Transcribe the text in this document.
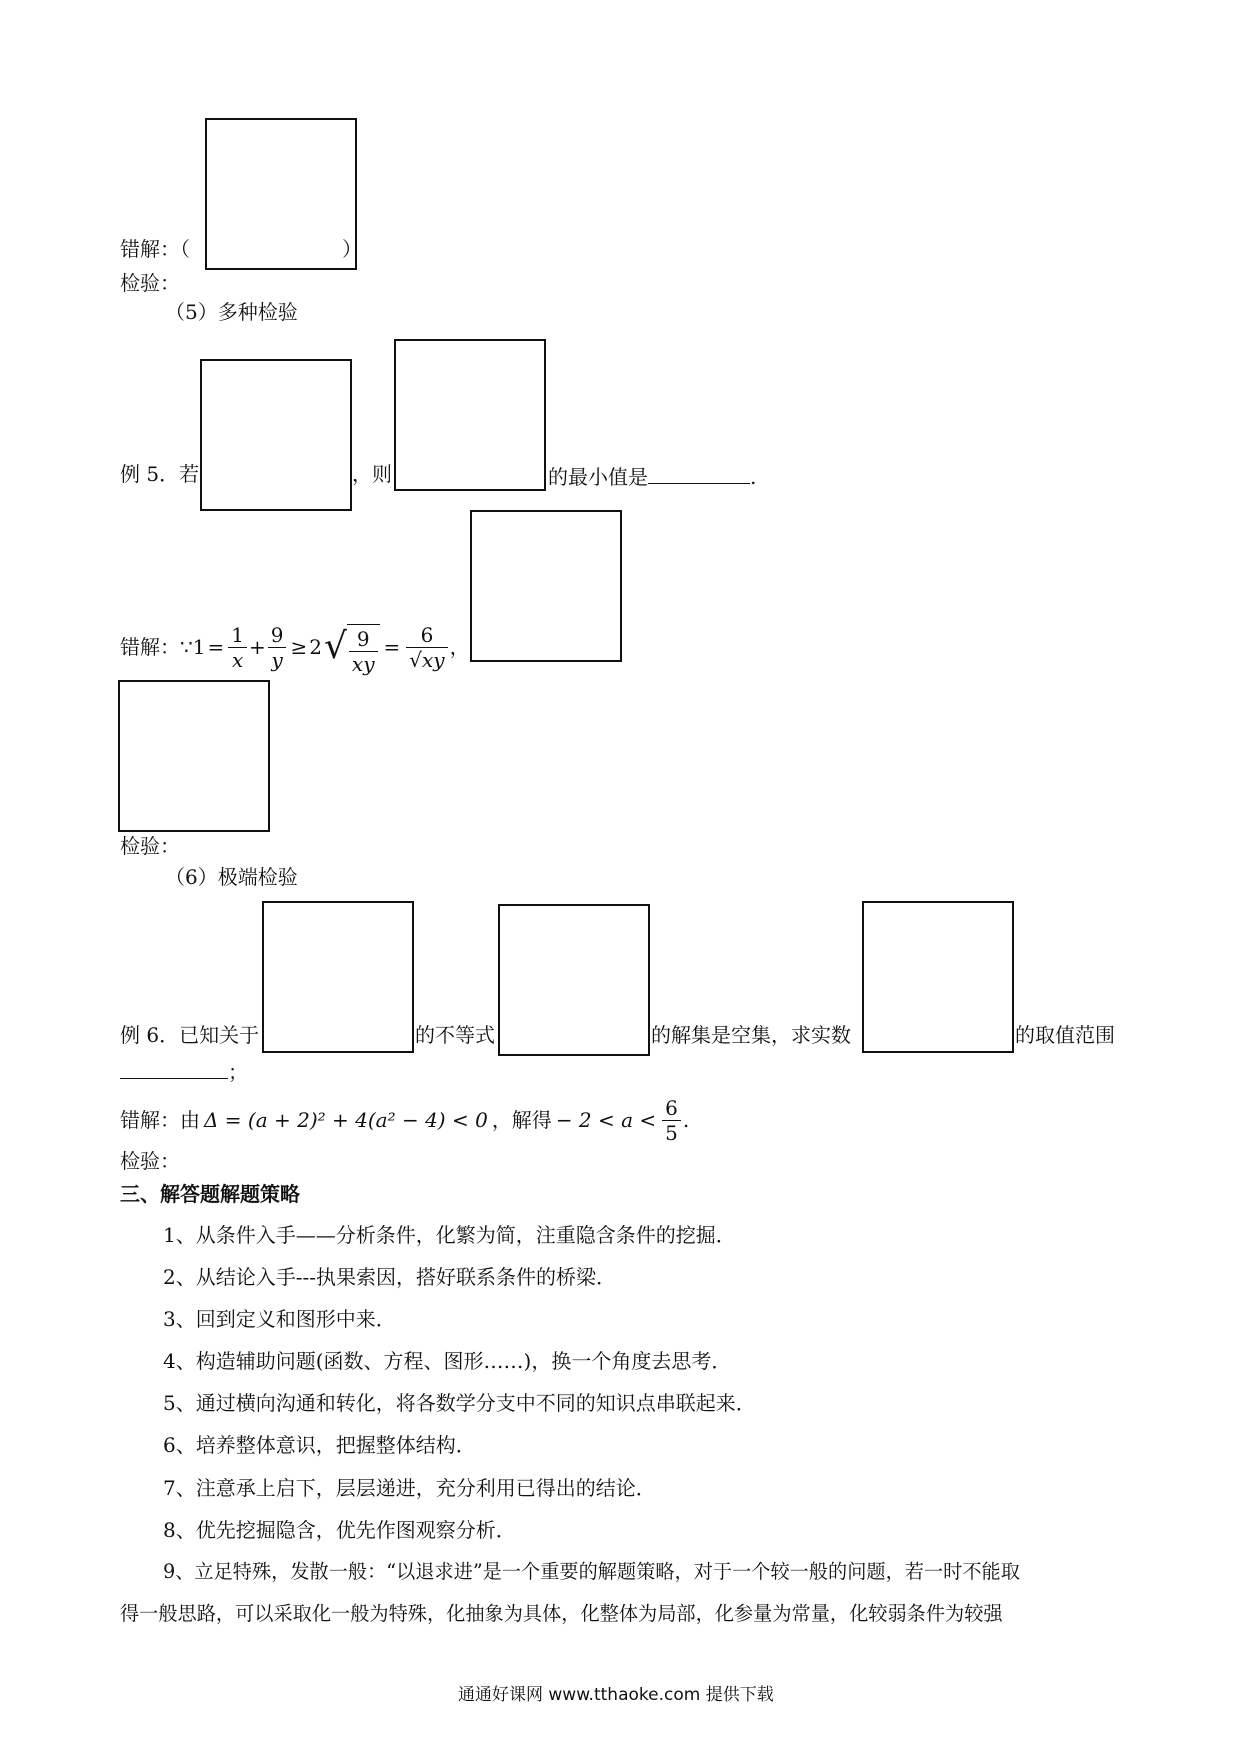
错解：（	）
检验：
（5）多种检验
例 5．若	，则	的最小值是	.
错解： ∵ $1 = \frac{1}{x} + \frac{9}{y} \ge 2$ √ $\frac{9}{xy} = \frac{6}{√xy}$ ，
检验：
（6）极端检验
例 6．已知关于	的不等式	的解集是空集，求实数	的取值范围
；
错解：由 Δ = (a + 2)² + 4(a² − 4) < 0 ，解得 − $2 < a < \frac{6}{5}$ .
检验：
三、解答题解题策略
1、从条件入手——分析条件，化繁为简，注重隐含条件的挖掘．
2、从结论入手---执果索因，搭好联系条件的桥梁．
3、回到定义和图形中来．
4、构造辅助问题(函数、方程、图形……)，换一个角度去思考．
5、通过横向沟通和转化，将各数学分支中不同的知识点串联起来．
6、培养整体意识，把握整体结构．
7、注意承上启下，层层递进，充分利用已得出的结论．
8、优先挖掘隐含，优先作图观察分析．
9、立足特殊，发散一般：“以退求进”是一个重要的解题策略，对于一个较一般的问题，若一时不能取
得一般思路，可以采取化一般为特殊，化抽象为具体，化整体为局部，化参量为常量，化较弱条件为较强
通通好课网 www.tthaoke.com 提供下载
